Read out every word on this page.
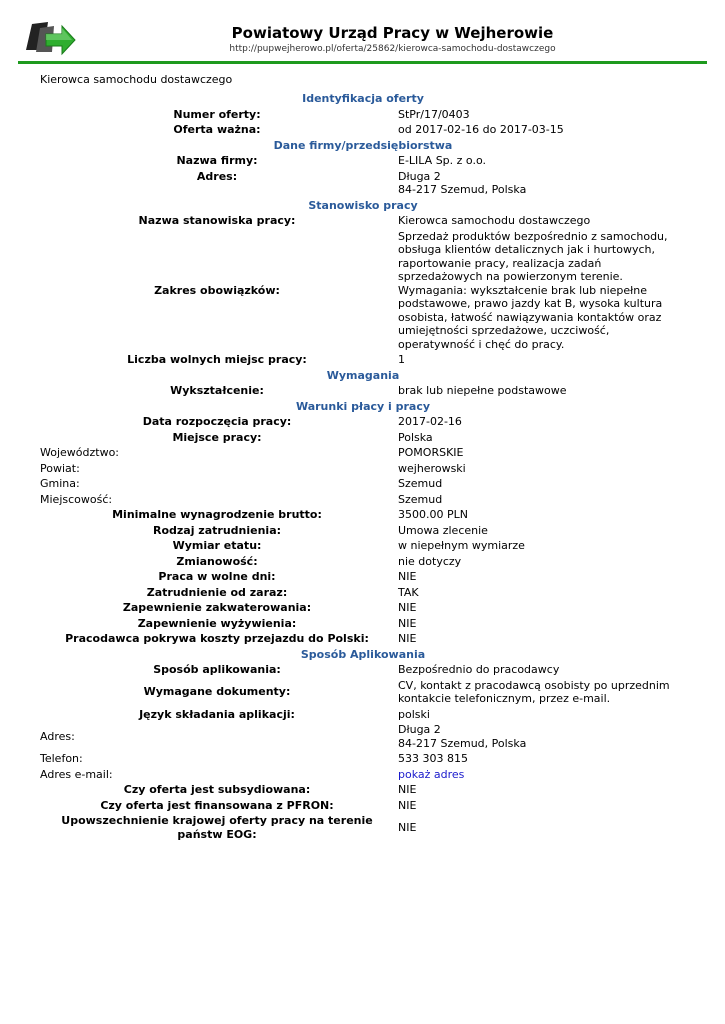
Powiatowy Urząd Pracy w Wejherowie
http://pupwejherowo.pl/oferta/25862/kierowca-samochodu-dostawczego
Kierowca samochodu dostawczego
Identyfikacja oferty	
Numer oferty:	StPr/17/0403
Oferta ważna:	od 2017-02-16 do 2017-03-15
Dane firmy/przedsiębiorstwa	
Nazwa firmy:	E-LILA Sp. z o.o.
Adres:	Długa 2
84-217 Szemud, Polska

Stanowisko pracy	
Nazwa stanowiska pracy:	Kierowca samochodu dostawczego
Zakres obowiązków:	Sprzedaż produktów bezpośrednio z samochodu, obsługa klientów detalicznych jak i hurtowych, raportowanie pracy, realizacja zadań sprzedażowych na powierzonym terenie. Wymagania: wykształcenie brak lub niepełne podstawowe, prawo jazdy kat B, wysoka kultura osobista, łatwość nawiązywania kontaktów oraz umiejętności sprzedażowe, uczciwość, operatywność i chęć do pracy.
Liczba wolnych miejsc pracy:	1
Wymagania	
Wykształcenie:	brak lub niepełne podstawowe
Warunki płacy i pracy	
Data rozpoczęcia pracy:	2017-02-16
Miejsce pracy:	Polska
Województwo:	POMORSKIE
Powiat:	wejherowski
Gmina:	Szemud
Miejscowość:	Szemud
Minimalne wynagrodzenie brutto:	3500.00 PLN
Rodzaj zatrudnienia:	Umowa zlecenie
Wymiar etatu:	w niepełnym wymiarze
Zmianowość:	nie dotyczy
Praca w wolne dni:	NIE
Zatrudnienie od zaraz:	TAK
Zapewnienie zakwaterowania:	NIE
Zapewnienie wyżywienia:	NIE
Pracodawca pokrywa koszty przejazdu do Polski:	NIE
Sposób Aplikowania	
Sposób aplikowania:	Bezpośrednio do pracodawcy
Wymagane dokumenty:	CV, kontakt z pracodawcą osobisty po uprzednim kontakcie telefonicznym, przez e-mail.
Język składania aplikacji:	polski
Adres:	Długa 2
84-217 Szemud, Polska

Telefon:	533 303 815
Adres e-mail:	pokaż adres
Czy oferta jest subsydiowana:	NIE
Czy oferta jest finansowana z PFRON:	NIE
Upowszechnienie krajowej oferty pracy na terenie państw EOG:	NIE
